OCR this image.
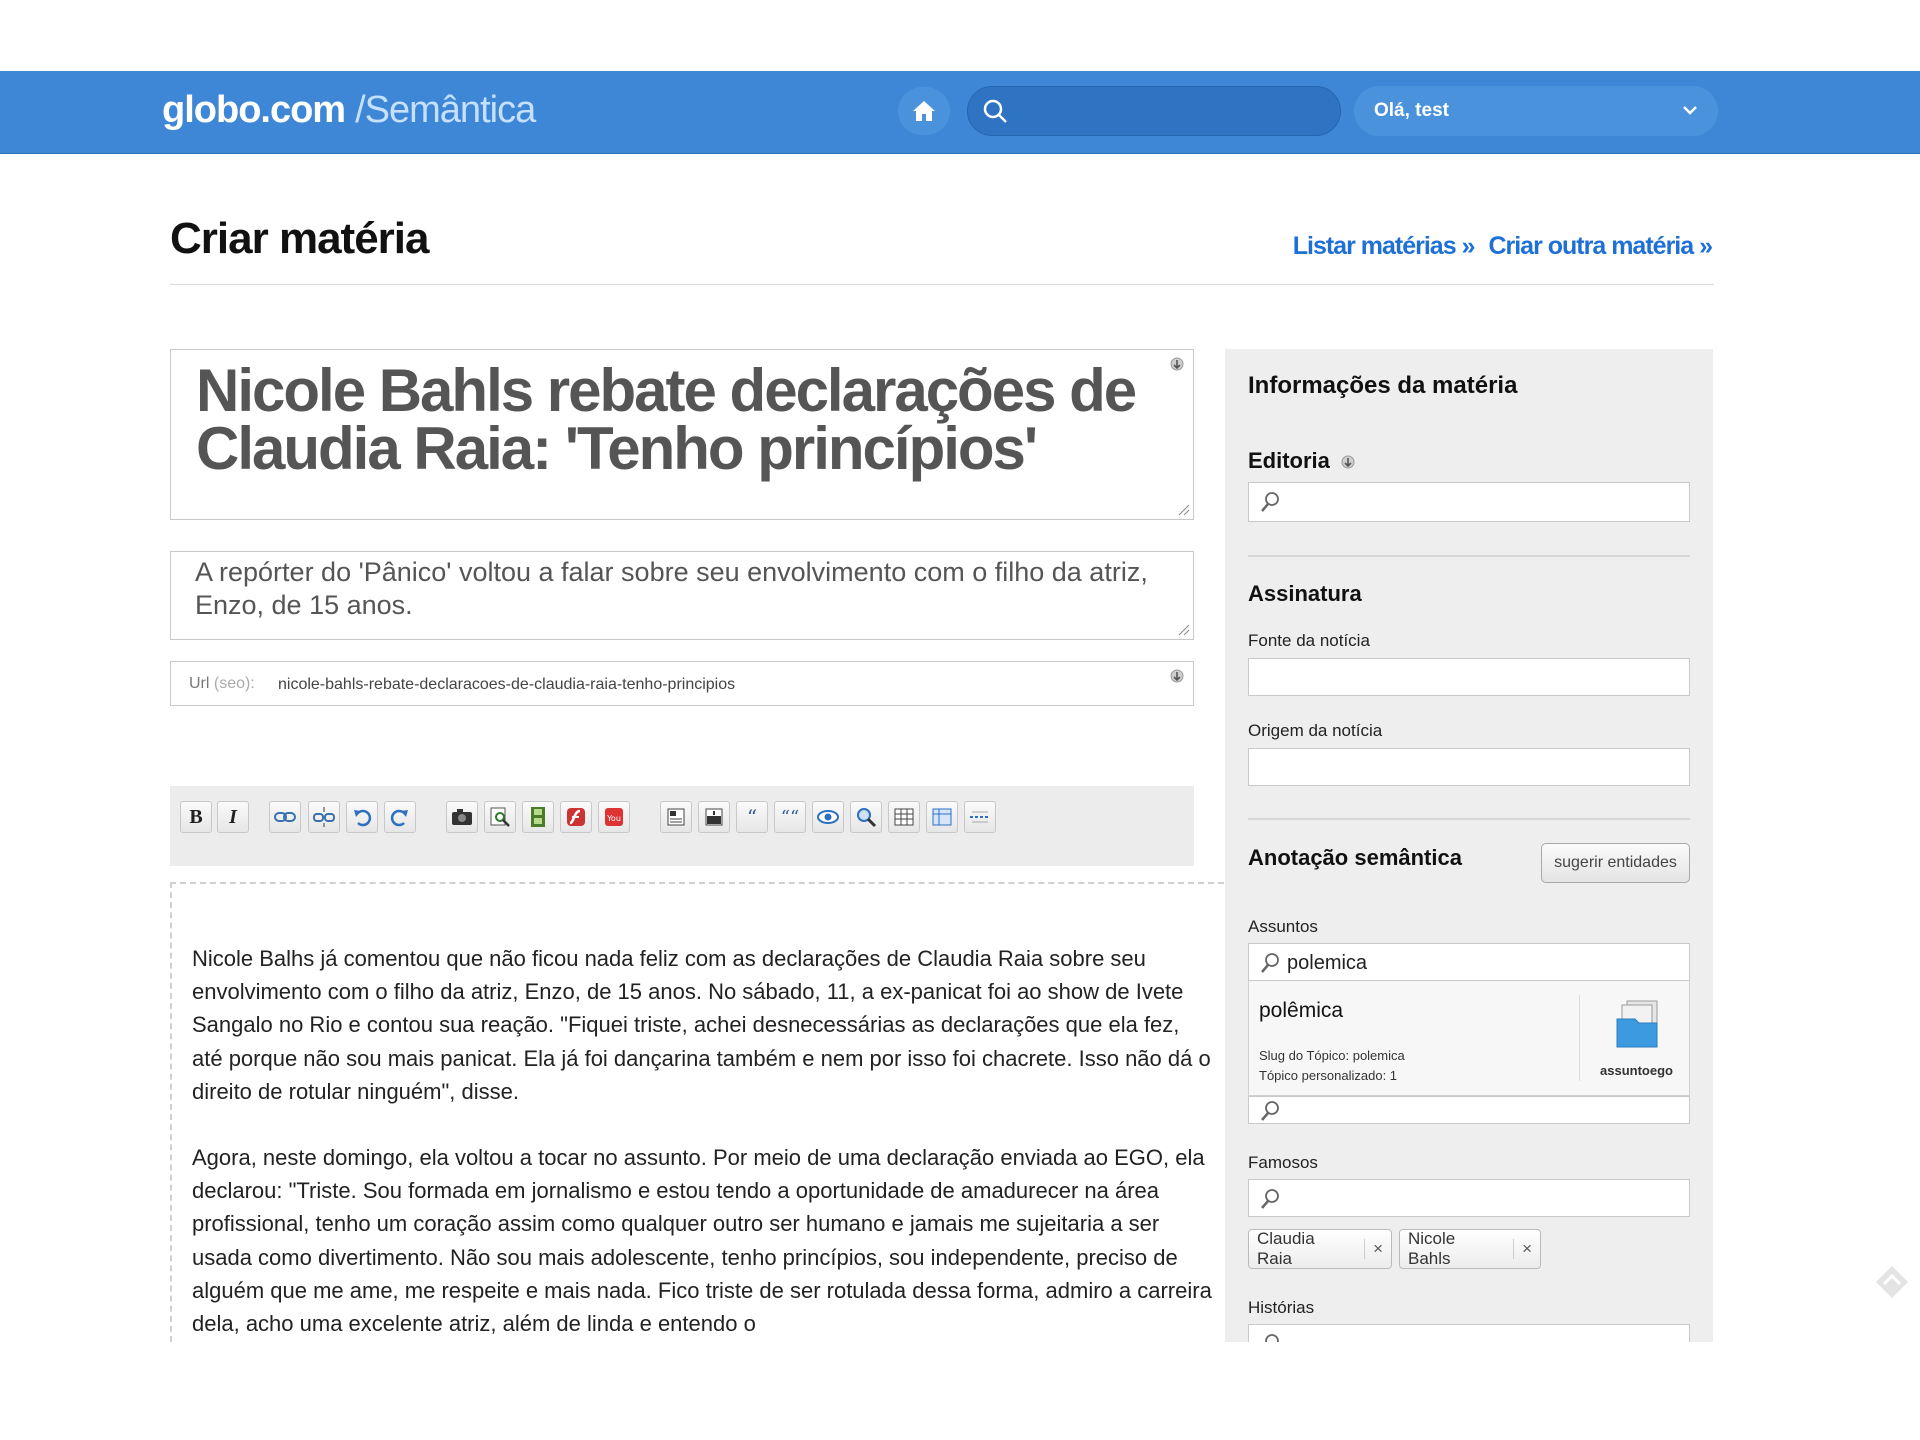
globo.com /Semântica	Olá, test
Criar matéria	Listar matérias » Criar outra matéria »
Nicole Bahls rebate declarações de Claudia Raia: 'Tenho princípios'
A repórter do 'Pânico' voltou a falar sobre seu envolvimento com o filho da atriz, Enzo, de 15 anos.
Url (seo): nicole-bahls-rebate-declaracoes-de-claudia-raia-tenho-principios
B	I	You	“ ““

Nicole Balhs já comentou que não ficou nada feliz com as declarações de Claudia Raia sobre seu envolvimento com o filho da atriz, Enzo, de 15 anos. No sábado, 11, a ex-panicat foi ao show de Ivete Sangalo no Rio e contou sua reação. "Fiquei triste, achei desnecessárias as declarações que ela fez, até porque não sou mais panicat. Ela já foi dançarina também e nem por isso foi chacrete. Isso não dá o direito de rotular ninguém", disse.

Agora, neste domingo, ela voltou a tocar no assunto. Por meio de uma declaração enviada ao EGO, ela declarou: "Triste. Sou formada em jornalismo e estou tendo a oportunidade de amadurecer na área profissional, tenho um coração assim como qualquer outro ser humano e jamais me sujeitaria a ser usada como divertimento. Não sou mais adolescente, tenho princípios, sou independente, preciso de alguém que me ame, me respeite e mais nada. Fico triste de ser rotulada dessa forma, admiro a carreira dela, acho uma excelente atriz, além de linda e entendo o

Informações da matéria
Editoria
Assinatura
Fonte da notícia
Origem da notícia
Anotação semântica	sugerir entidades
Assuntos
polemica
polêmica
Slug do Tópico: polemica
Tópico personalizado: 1	assuntoego
Famosos
Claudia Raia
×
Nicole Bahls
×
Histórias
